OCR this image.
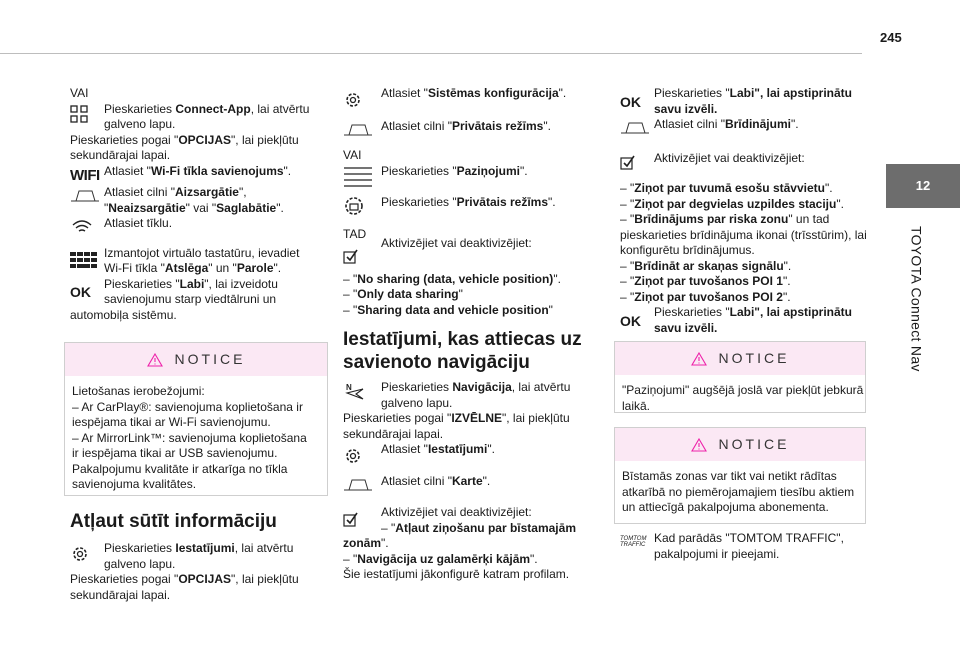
245
12
TOYOTA Connect Nav
VAI
Pieskarieties Connect-App, lai atvērtu
galveno lapu.
Pieskarieties pogai "OPCIJAS", lai piekļūtu
sekundārajai lapai.
WIFI Atlasiet "Wi-Fi tīkla savienojums".
Atlasiet cilni "Aizsargātie",
"Neaizsargātie" vai "Saglabātie".
Atlasiet tīklu.
Izmantojot virtuālo tastatūru, ievadiet
Wi-Fi tīkla "Atslēga" un "Parole".
OK	Pieskarieties "Labi", lai izveidotu
savienojumu starp viedtālruni un
automobiļa sistēmu.
NOTICE
Lietošanas ierobežojumi:
– Ar CarPlay®: savienojuma koplietošana ir
iespējama tikai ar Wi-Fi savienojumu.
– Ar MirrorLink™: savienojuma koplietošana
ir iespējama tikai ar USB savienojumu.
Pakalpojumu kvalitāte ir atkarīga no tīkla
savienojuma kvalitātes.
Atļaut sūtīt informāciju
Pieskarieties Iestatījumi, lai atvērtu
galveno lapu.
Pieskarieties pogai "OPCIJAS", lai piekļūtu
sekundārajai lapai.
Atlasiet "Sistēmas konfigurācija".
Atlasiet cilni "Privātais režīms".
VAI
Pieskarieties "Paziņojumi".
Pieskarieties "Privātais režīms".
TAD
Aktivizējiet vai deaktivizējiet:
– "No sharing (data, vehicle position)".
– "Only data sharing"
– "Sharing data and vehicle position"
Iestatījumi, kas attiecas uz
savienoto navigāciju
N	Pieskarieties Navigācija, lai atvērtu
galveno lapu.
Pieskarieties pogai "IZVĒLNE", lai piekļūtu
sekundārajai lapai.
Atlasiet "Iestatījumi".
Atlasiet cilni "Karte".
Aktivizējiet vai deaktivizējiet:
– "Atļaut ziņošanu par bīstamajām
zonām".
– "Navigācija uz galamērķi kājām".
Šie iestatījumi jākonfigurē katram profilam.
OK
Pieskarieties "Labi", lai apstiprinātu
savu izvēli.
Atlasiet cilni "Brīdinājumi".
Aktivizējiet vai deaktivizējiet:
– "Ziņot par tuvumā esošu stāvvietu".
– "Ziņot par degvielas uzpildes staciju".
– "Brīdinājums par riska zonu" un tad
pieskarieties brīdinājuma ikonai (trīsstūrim), lai
konfigurētu brīdinājumus.
– "Brīdināt ar skaņas signālu".
– "Ziņot par tuvošanos POI 1".
– "Ziņot par tuvošanos POI 2".
OK
Pieskarieties "Labi", lai apstiprinātu
savu izvēli.
NOTICE
"Paziņojumi" augšējā joslā var piekļūt jebkurā
laikā.
NOTICE
Bīstamās zonas var tikt vai netikt rādītas
atkarībā no piemērojamajiem tiesību aktiem
un attiecīgā pakalpojuma abonementa.
TOMTOM TRAFFIC Kad parādās "TOMTOM TRAFFIC",
pakalpojumi ir pieejami.
